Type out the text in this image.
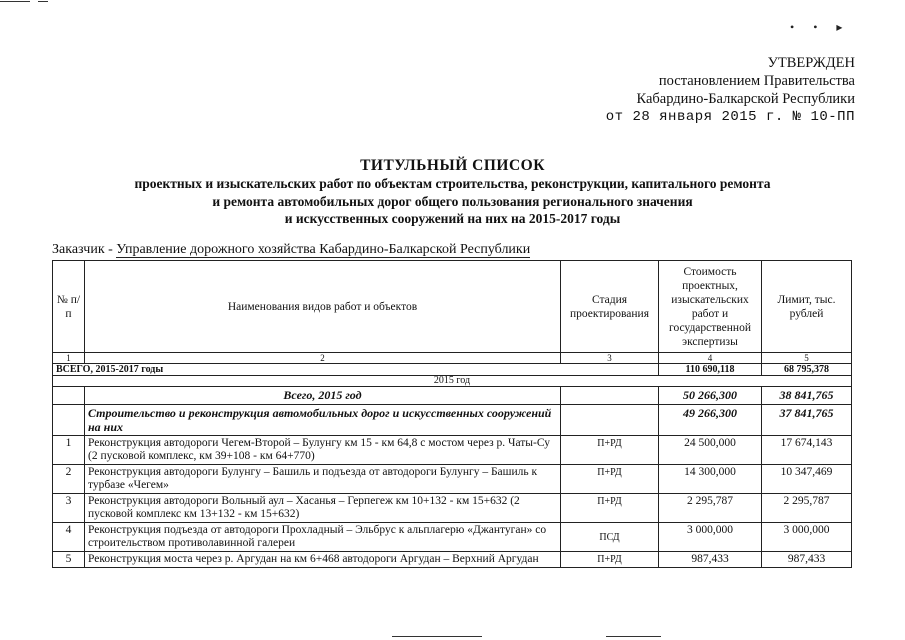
• • ▸
УТВЕРЖДЕН
постановлением Правительства
Кабардино-Балкарской Республики
от 28 января 2015 г. № 10-ПП
ТИТУЛЬНЫЙ СПИСОК
проектных и изыскательских работ по объектам строительства, реконструкции, капитального ремонта
и ремонта автомобильных дорог общего пользования регионального значения
и искусственных сооружений на них на 2015-2017 годы
Заказчик - Управление дорожного хозяйства Кабардино-Балкарской Республики
№ п/п	Наименования видов работ и объектов	Стадия проектирования	Стоимость проектных, изыскательских работ и государственной экспертизы	Лимит, тыс. рублей
1	2	3	4	5
ВСЕГО, 2015-2017 годы			110 690,118	68 795,378
2015 год				
	Всего, 2015 год		50 266,300	38 841,765
	Строительство и реконструкция автомобильных дорог и искусственных сооружений на них		49 266,300	37 841,765
1	Реконструкция автодороги Чегем-Второй – Булунгу км 15 - км 64,8 с мостом через р. Чаты-Су (2 пусковой комплекс, км 39+108 - км 64+770)	П+РД	24 500,000	17 674,143
2	Реконструкция автодороги Булунгу – Башиль и подъезда от автодороги Булунгу – Башиль к турбазе «Чегем»	П+РД	14 300,000	10 347,469
3	Реконструкция автодороги Вольный аул – Хасанья – Герпегеж км 10+132 - км 15+632 (2 пусковой комплекс км 13+132 - км 15+632)	П+РД	2 295,787	2 295,787
4	Реконструкция подъезда от автодороги Прохладный – Эльбрус к альплагерю «Джантуган» со строительством противолавинной галереи	ПСД	3 000,000	3 000,000
5	Реконструкция моста через р. Аргудан на км 6+468 автодороги Аргудан – Верхний Аргудан	П+РД	987,433	987,433
